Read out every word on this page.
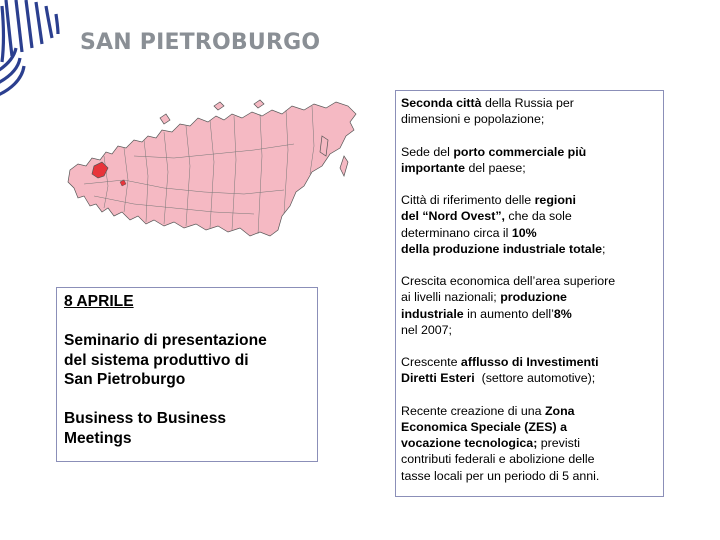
SAN PIETROBURGO
8 APRILE
Seminario di presentazione
del sistema produttivo di
San Pietroburgo
Business to Business
Meetings

Seconda città della Russia per
dimensioni e popolazione;

Sede del porto commerciale più
importante del paese;

Città di riferimento delle regioni
del “Nord Ovest”, che da sole
determinano circa il 10%
della produzione industriale totale;

Crescita economica dell’area superiore
ai livelli nazionali; produzione
industriale in aumento dell’8%
nel 2007;

Crescente afflusso di Investimenti
Diretti Esteri  (settore automotive);

Recente creazione di una Zona
Economica Speciale (ZES) a
vocazione tecnologica; previsti
contributi federali e abolizione delle
tasse locali per un periodo di 5 anni.
